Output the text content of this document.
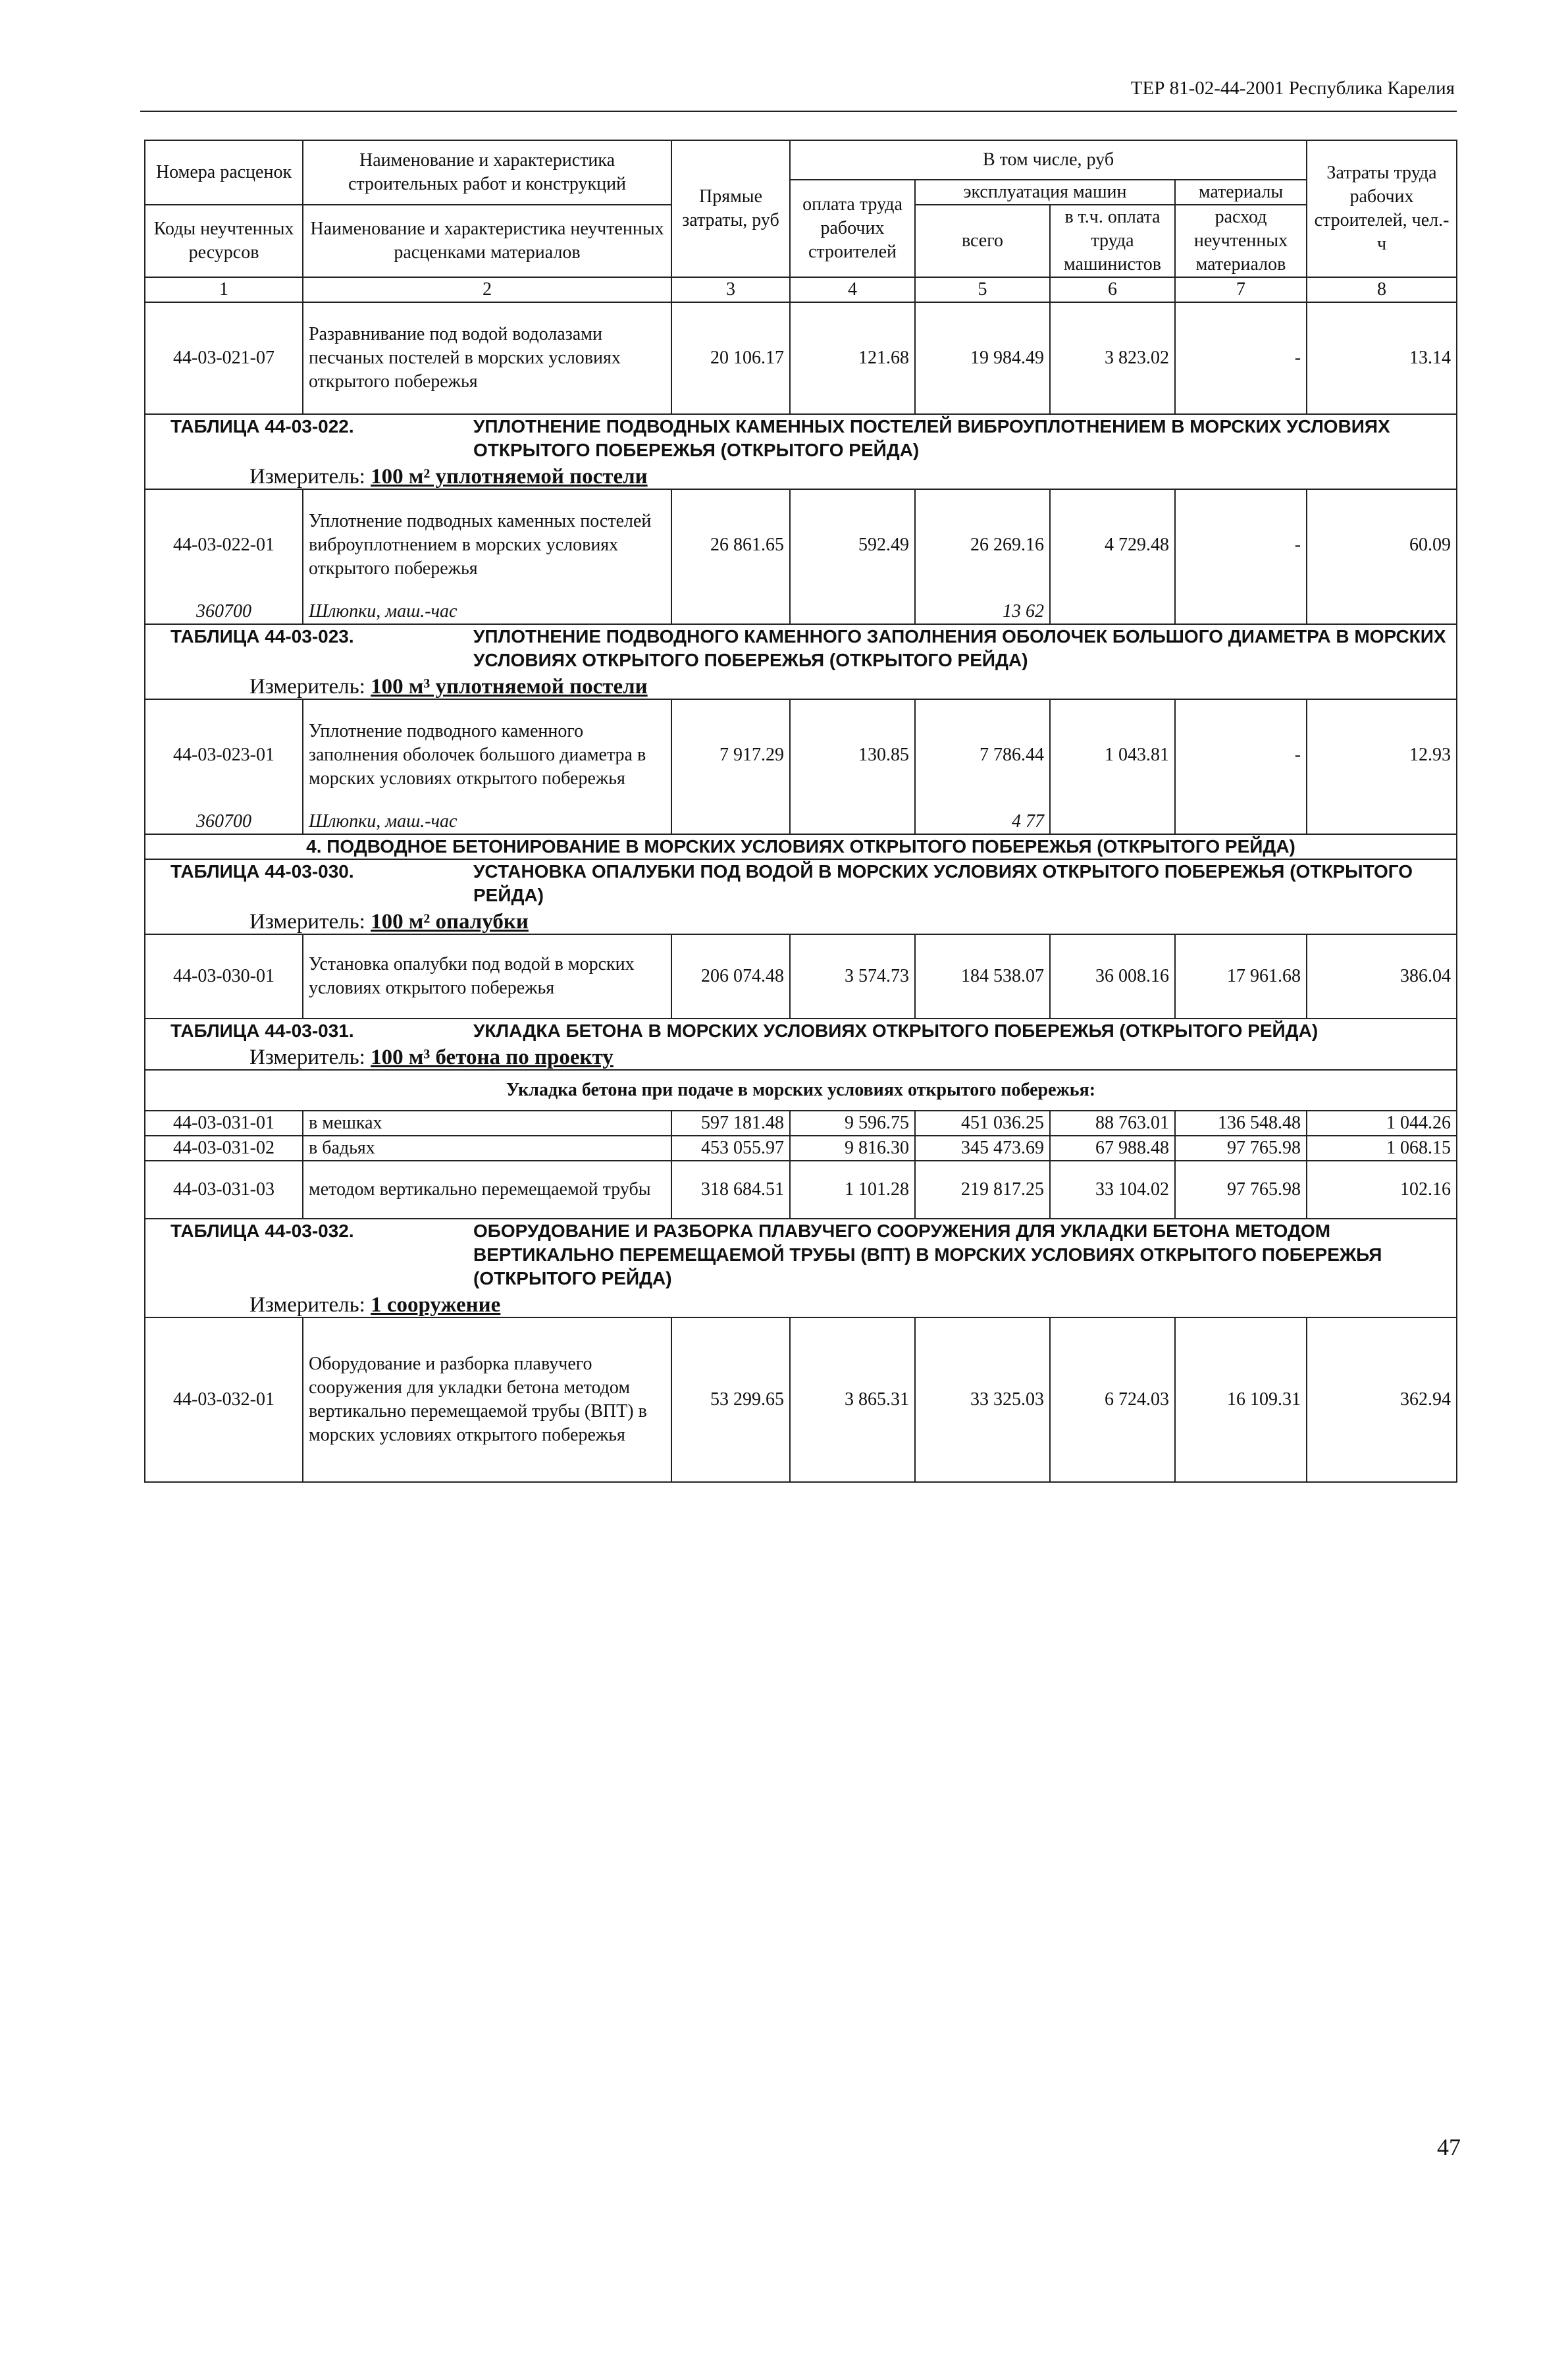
ТЕР 81-02-44-2001 Республика Карелия
Номера расценок	Наименование и характеристика строительных работ и конструкций	Прямые затраты, руб	В том числе, руб				Затраты труда рабочих строителей, чел.-ч
			оплата труда рабочих строителей	эксплуатация машин		материалы	
Коды неучтенных ресурсов	Наименование и характеристика неучтенных расценками материалов			всего	в т.ч. оплата труда машинистов	расход неучтенных материалов	

1	2	3	4	5	6	7	8
44-03-021-07	Разравнивание под водой водолазами песчаных постелей в морских условиях открытого побережья	20 106.17	121.68	19 984.49	3 823.02	-	13.14

ТАБЛИЦА 44-03-022. УПЛОТНЕНИЕ ПОДВОДНЫХ КАМЕННЫХ ПОСТЕЛЕЙ ВИБРОУПЛОТНЕНИЕМ В МОРСКИХ УСЛОВИЯХ ОТКРЫТОГО ПОБЕРЕЖЬЯ (ОТКРЫТОГО РЕЙДА)
Измеритель: 100 м² уплотняемой постели							

44-03-022-01	Уплотнение подводных каменных постелей виброуплотнением в морских условиях открытого побережья	26 861.65	592.49	26 269.16	4 729.48	-	60.09
360700	Шлюпки, маш.-час			13 62			

ТАБЛИЦА 44-03-023. УПЛОТНЕНИЕ ПОДВОДНОГО КАМЕННОГО ЗАПОЛНЕНИЯ ОБОЛОЧЕК БОЛЬШОГО ДИАМЕТРА В МОРСКИХ УСЛОВИЯХ ОТКРЫТОГО ПОБЕРЕЖЬЯ (ОТКРЫТОГО РЕЙДА)
Измеритель: 100 м³ уплотняемой постели							

44-03-023-01	Уплотнение подводного каменного заполнения оболочек большого диаметра в морских условиях открытого побережья	7 917.29	130.85	7 786.44	1 043.81	-	12.93
360700	Шлюпки, маш.-час			4 77			
4. ПОДВОДНОЕ БЕТОНИРОВАНИЕ В МОРСКИХ УСЛОВИЯХ ОТКРЫТОГО ПОБЕРЕЖЬЯ (ОТКРЫТОГО РЕЙДА)							

ТАБЛИЦА 44-03-030. УСТАНОВКА ОПАЛУБКИ ПОД ВОДОЙ В МОРСКИХ УСЛОВИЯХ ОТКРЫТОГО ПОБЕРЕЖЬЯ (ОТКРЫТОГО РЕЙДА)
Измеритель: 100 м² опалубки							

44-03-030-01	Установка опалубки под водой в морских условиях открытого побережья	206 074.48	3 574.73	184 538.07	36 008.16	17 961.68	386.04

ТАБЛИЦА 44-03-031. УКЛАДКА БЕТОНА В МОРСКИХ УСЛОВИЯХ ОТКРЫТОГО ПОБЕРЕЖЬЯ (ОТКРЫТОГО РЕЙДА)
Измеритель: 100 м³ бетона по проекту							

Укладка бетона при подаче в морских условиях открытого побережья:							
44-03-031-01	в мешках	597 181.48	9 596.75	451 036.25	88 763.01	136 548.48	1 044.26
44-03-031-02	в бадьях	453 055.97	9 816.30	345 473.69	67 988.48	97 765.98	1 068.15
44-03-031-03	методом вертикально перемещаемой трубы	318 684.51	1 101.28	219 817.25	33 104.02	97 765.98	102.16

ТАБЛИЦА 44-03-032. ОБОРУДОВАНИЕ И РАЗБОРКА ПЛАВУЧЕГО СООРУЖЕНИЯ ДЛЯ УКЛАДКИ БЕТОНА МЕТОДОМ ВЕРТИКАЛЬНО ПЕРЕМЕЩАЕМОЙ ТРУБЫ (ВПТ) В МОРСКИХ УСЛОВИЯХ ОТКРЫТОГО ПОБЕРЕЖЬЯ (ОТКРЫТОГО РЕЙДА)
Измеритель: 1 сооружение							

44-03-032-01	Оборудование и разборка плавучего сооружения для укладки бетона методом вертикально перемещаемой трубы (ВПТ) в морских условиях открытого побережья	53 299.65	3 865.31	33 325.03	6 724.03	16 109.31	362.94
47
